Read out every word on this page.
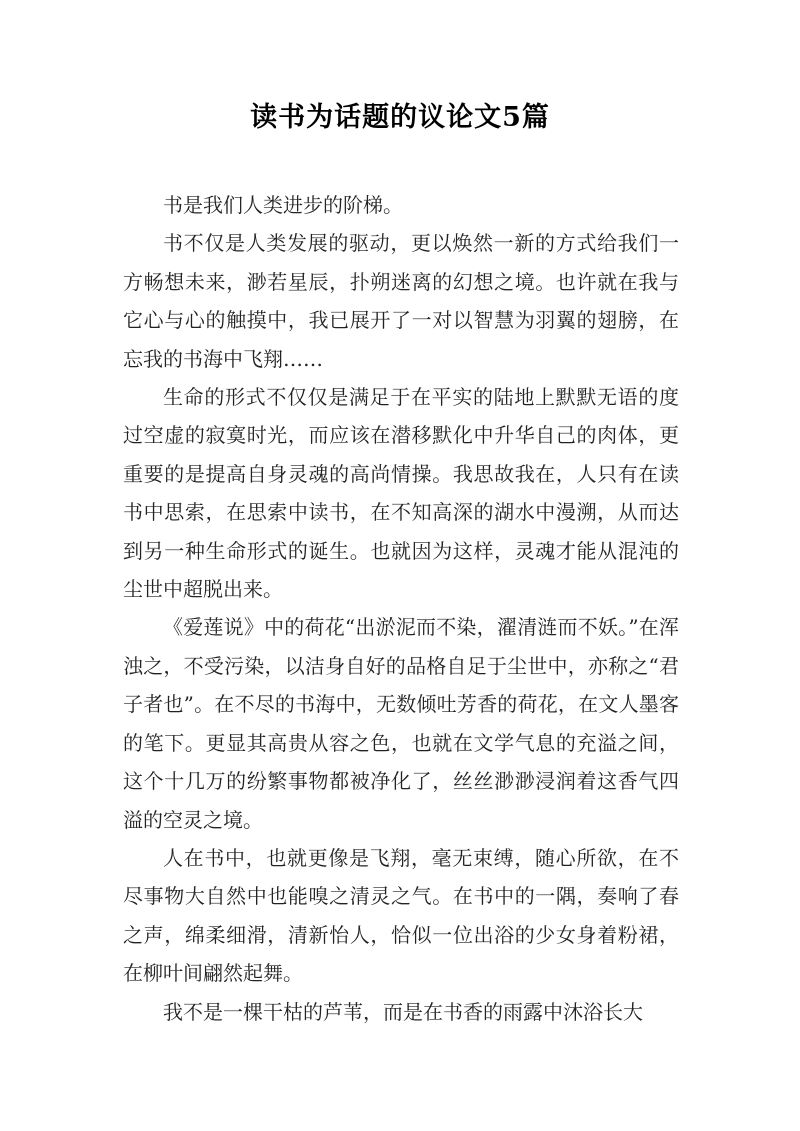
读书为话题的议论文5篇

书是我们人类进步的阶梯。

书不仅是人类发展的驱动，更以焕然一新的方式给我们一方畅想未来，渺若星辰，扑朔迷离的幻想之境。也许就在我与它心与心的触摸中，我已展开了一对以智慧为羽翼的翅膀，在忘我的书海中飞翔……

生命的形式不仅仅是满足于在平实的陆地上默默无语的度过空虚的寂寞时光，而应该在潜移默化中升华自己的肉体，更重要的是提高自身灵魂的高尚情操。我思故我在，人只有在读书中思索，在思索中读书，在不知高深的湖水中漫溯，从而达到另一种生命形式的诞生。也就因为这样，灵魂才能从混沌的尘世中超脱出来。

《爱莲说》中的荷花“出淤泥而不染，濯清涟而不妖。”在浑浊之，不受污染，以洁身自好的品格自足于尘世中，亦称之“君子者也”。在不尽的书海中，无数倾吐芳香的荷花，在文人墨客的笔下。更显其高贵从容之色，也就在文学气息的充溢之间，这个十几万的纷繁事物都被净化了，丝丝渺渺浸润着这香气四溢的空灵之境。

人在书中，也就更像是飞翔，毫无束缚，随心所欲，在不尽事物大自然中也能嗅之清灵之气。在书中的一隅，奏响了春之声，绵柔细滑，清新怡人，恰似一位出浴的少女身着粉裙，在柳叶间翩然起舞。

我不是一棵干枯的芦苇，而是在书香的雨露中沐浴长大
